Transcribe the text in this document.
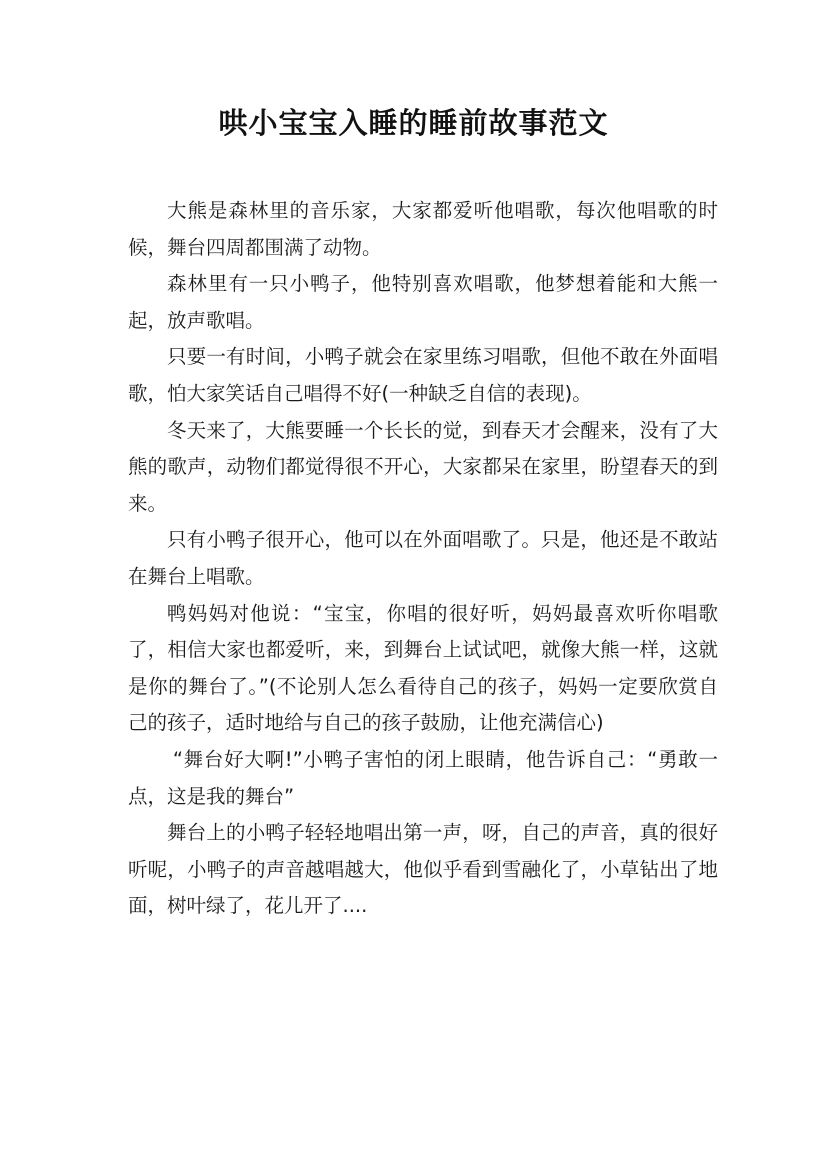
哄小宝宝入睡的睡前故事范文

大熊是森林里的音乐家，大家都爱听他唱歌，每次他唱歌的时候，舞台四周都围满了动物。

森林里有一只小鸭子，他特别喜欢唱歌，他梦想着能和大熊一起，放声歌唱。

只要一有时间，小鸭子就会在家里练习唱歌，但他不敢在外面唱歌，怕大家笑话自己唱得不好(一种缺乏自信的表现)。

冬天来了，大熊要睡一个长长的觉，到春天才会醒来，没有了大熊的歌声，动物们都觉得很不开心，大家都呆在家里，盼望春天的到来。

只有小鸭子很开心，他可以在外面唱歌了。只是，他还是不敢站在舞台上唱歌。

鸭妈妈对他说：“宝宝，你唱的很好听，妈妈最喜欢听你唱歌了，相信大家也都爱听，来，到舞台上试试吧，就像大熊一样，这就是你的舞台了。”(不论别人怎么看待自己的孩子，妈妈一定要欣赏自己的孩子，适时地给与自己的孩子鼓励，让他充满信心)

“舞台好大啊!”小鸭子害怕的闭上眼睛，他告诉自己：“勇敢一点，这是我的舞台”

舞台上的小鸭子轻轻地唱出第一声，呀，自己的声音，真的很好听呢，小鸭子的声音越唱越大，他似乎看到雪融化了，小草钻出了地面，树叶绿了，花儿开了....
